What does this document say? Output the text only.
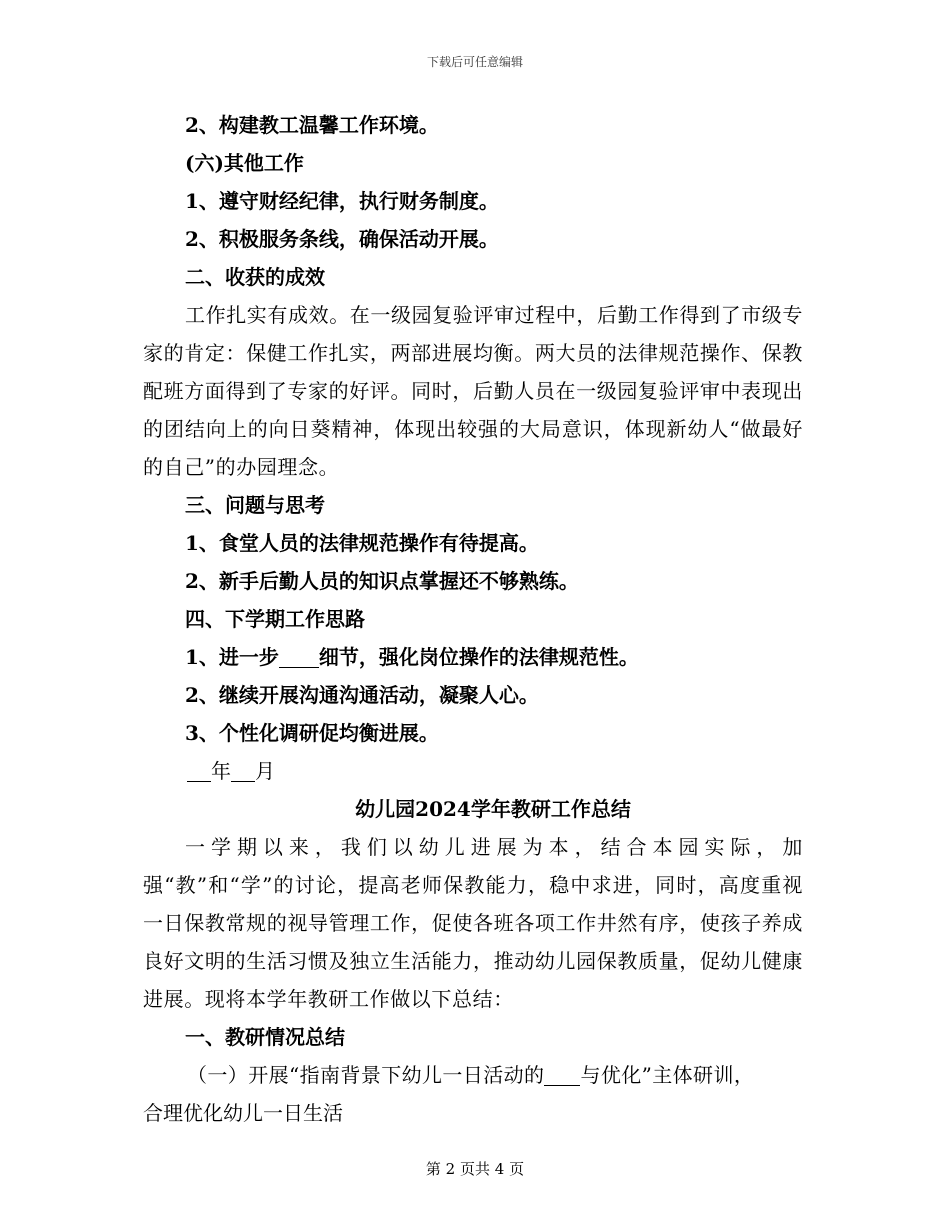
下载后可任意编辑
2、构建教工温馨工作环境。
(六)其他工作
1、遵守财经纪律，执行财务制度。
2、积极服务条线，确保活动开展。
二、收获的成效
工作扎实有成效。在一级园复验评审过程中，后勤工作得到了市级专家的肯定：保健工作扎实，两部进展均衡。两大员的法律规范操作、保教配班方面得到了专家的好评。同时，后勤人员在一级园复验评审中表现出的团结向上的向日葵精神，体现出较强的大局意识，体现新幼人“做最好的自己”的办园理念。
三、问题与思考
1、食堂人员的法律规范操作有待提高。
2、新手后勤人员的知识点掌握还不够熟练。
四、下学期工作思路
1、进一步 细节，强化岗位操作的法律规范性。
2、继续开展沟通沟通活动，凝聚人心。
3、个性化调研促均衡进展。
年 月
幼儿园2024学年教研工作总结
一学期以来，我们以幼儿进展为本，结合本园实际，加强“教”和“学”的讨论，提高老师保教能力，稳中求进，同时，高度重视一日保教常规的视导管理工作，促使各班各项工作井然有序，使孩子养成良好文明的生活习惯及独立生活能力，推动幼儿园保教质量，促幼儿健康进展。现将本学年教研工作做以下总结：
一、教研情况总结
（一）开展“指南背景下幼儿一日活动的 与优化”主体研训，
合理优化幼儿一日生活
第 2 页共 4 页
